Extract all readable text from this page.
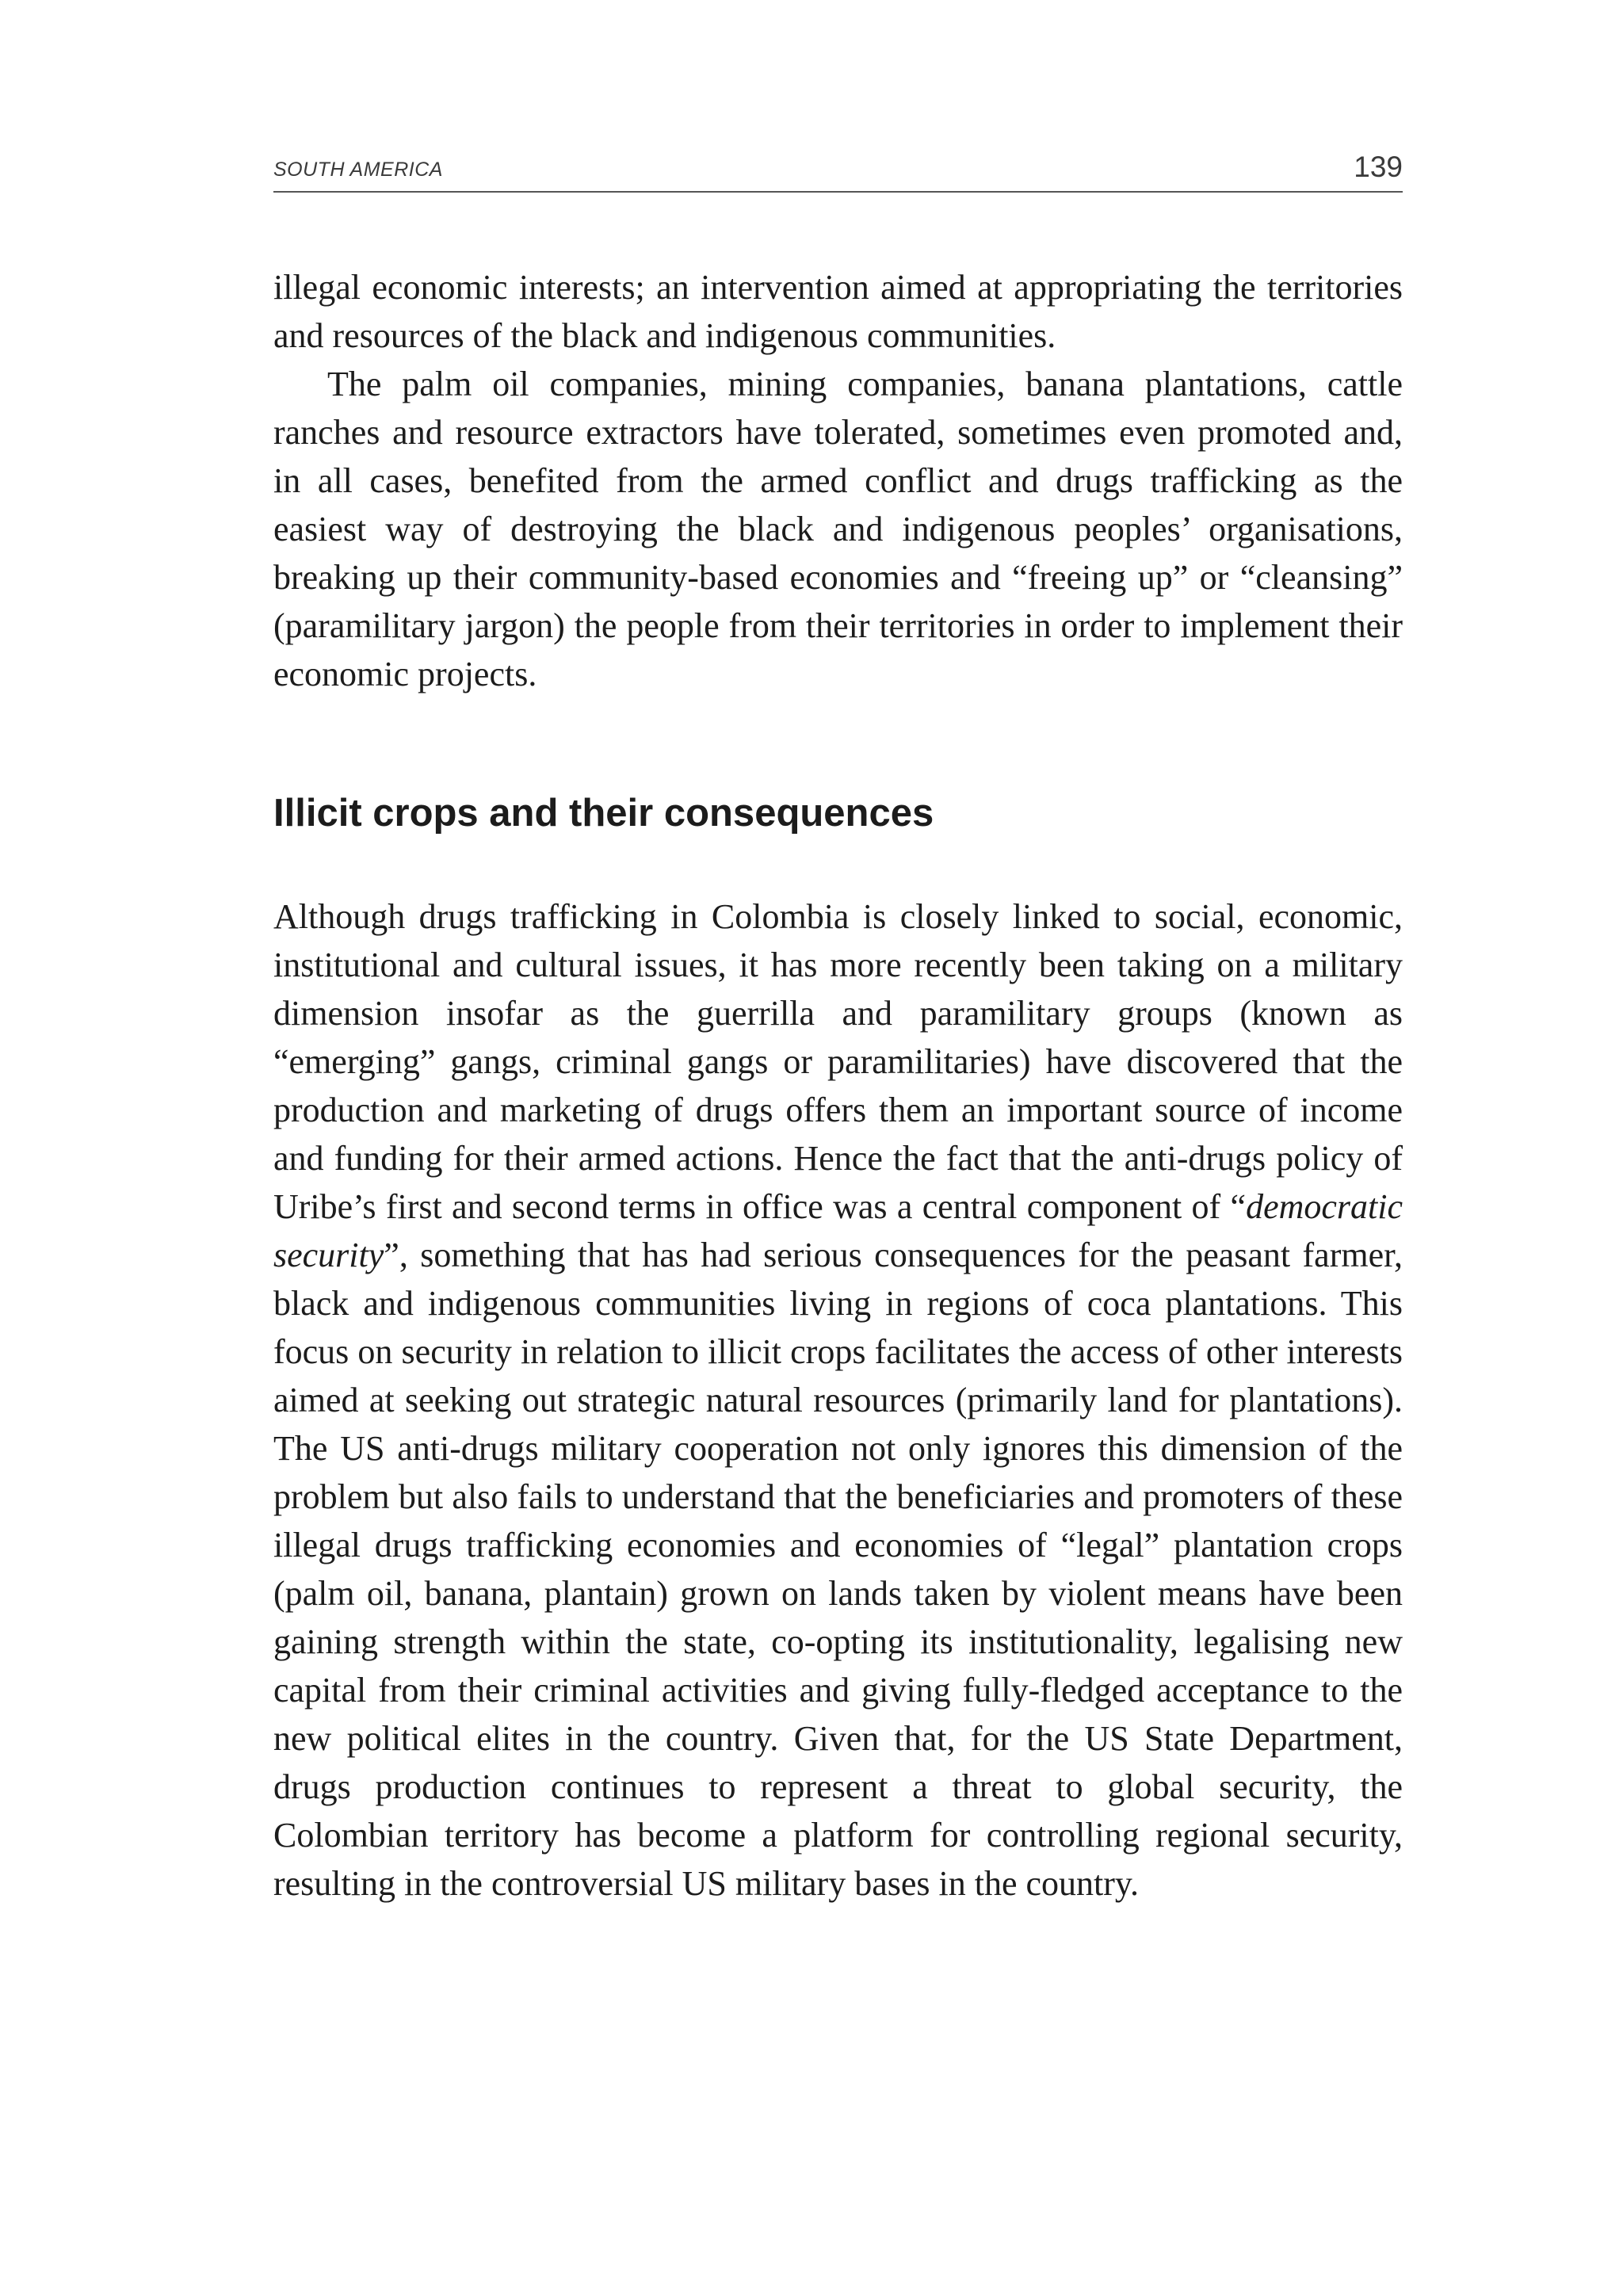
SOUTH AMERICA	139

illegal economic interests; an intervention aimed at appropriating the territories and resources of the black and indigenous communities.

The palm oil companies, mining companies, banana plantations, cattle ranches and resource extractors have tolerated, sometimes even promoted and, in all cases, benefited from the armed conflict and drugs trafficking as the easiest way of destroying the black and indigenous peoples’ organisations, breaking up their community-based economies and “freeing up” or “cleansing” (paramilitary jargon) the people from their territories in order to implement their economic projects.

Illicit crops and their consequences

Although drugs trafficking in Colombia is closely linked to social, economic, institutional and cultural issues, it has more recently been taking on a military dimension insofar as the guerrilla and paramilitary groups (known as “emerging” gangs, criminal gangs or paramilitaries) have discovered that the production and marketing of drugs offers them an important source of income and funding for their armed actions. Hence the fact that the anti-drugs policy of Uribe’s first and second terms in office was a central component of “democratic security”, something that has had serious consequences for the peasant farmer, black and indigenous communities living in regions of coca plantations. This focus on security in relation to illicit crops facilitates the access of other interests aimed at seeking out strategic natural resources (primarily land for plantations). The US anti-drugs military cooperation not only ignores this dimension of the problem but also fails to understand that the beneficiaries and promoters of these illegal drugs trafficking economies and economies of “legal” plantation crops (palm oil, banana, plantain) grown on lands taken by violent means have been gaining strength within the state, co-opting its institutionality, legalising new capital from their criminal activities and giving fully-fledged acceptance to the new political elites in the country. Given that, for the US State Department, drugs production continues to represent a threat to global security, the Colombian territory has become a platform for controlling regional security, resulting in the controversial US military bases in the country.
